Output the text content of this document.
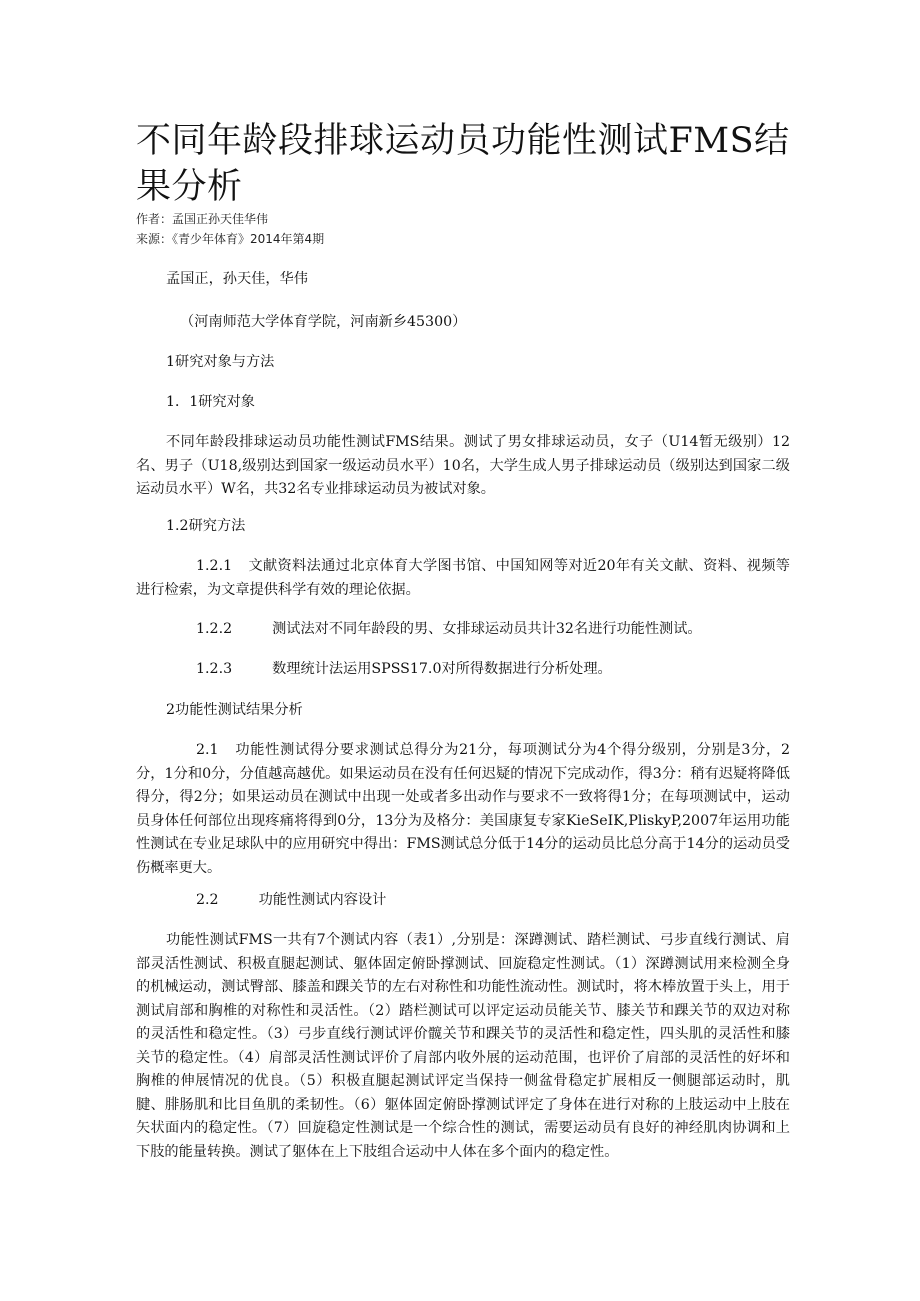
不同年龄段排球运动员功能性测试FMS结果分析
作者：孟国正孙天佳华伟
来源：《青少年体育》2014年第4期

孟国正，孙天佳，华伟

（河南师范大学体育学院，河南新乡45300）

1研究对象与方法

1．1研究对象

不同年龄段排球运动员功能性测试FMS结果。测试了男女排球运动员，女子（U14暂无级别）12名、男子（U18,级别达到国家一级运动员水平）10名，大学生成人男子排球运动员（级别达到国家二级运动员水平）W名，共32名专业排球运动员为被试对象。

1.2研究方法

1.2.1 文献资料法通过北京体育大学图书馆、中国知网等对近20年有关文献、资料、视频等进行检索，为文章提供科学有效的理论依据。

1.2.2	测试法对不同年龄段的男、女排球运动员共计32名进行功能性测试。

1.2.3	数理统计法运用SPSS17.0对所得数据进行分析处理。

2功能性测试结果分析

2.1 功能性测试得分要求测试总得分为21分，每项测试分为4个得分级别，分别是3分，2分，1分和0分，分值越高越优。如果运动员在没有任何迟疑的情况下完成动作，得3分：稍有迟疑将降低得分，得2分；如果运动员在测试中出现一处或者多出动作与要求不一致将得1分；在每项测试中，运动员身体任何部位出现疼痛将得到0分，13分为及格分：美国康复专家KieSeIK,PliskyP,2007年运用功能性测试在专业足球队中的应用研究中得出：FMS测试总分低于14分的运动员比总分高于14分的运动员受伤概率更大。

2.2	功能性测试内容设计

功能性测试FMS一共有7个测试内容（表1）,分别是：深蹲测试、踏栏测试、弓步直线行测试、肩部灵活性测试、积极直腿起测试、躯体固定俯卧撑测试、回旋稳定性测试。（1）深蹲测试用来检测全身的机械运动，测试臀部、膝盖和踝关节的左右对称性和功能性流动性。测试时，将木棒放置于头上，用于测试肩部和胸椎的对称性和灵活性。（2）踏栏测试可以评定运动员能关节、膝关节和踝关节的双边对称的灵活性和稳定性。（3）弓步直线行测试评价髋关节和踝关节的灵活性和稳定性，四头肌的灵活性和膝关节的稳定性。（4）肩部灵活性测试评价了肩部内收外展的运动范围，也评价了肩部的灵活性的好坏和胸椎的伸展情况的优良。（5）积极直腿起测试评定当保持一侧盆骨稳定扩展相反一侧腿部运动时，肌腱、腓肠肌和比目鱼肌的柔韧性。（6）躯体固定俯卧撑测试评定了身体在进行对称的上肢运动中上肢在矢状面内的稳定性。（7）回旋稳定性测试是一个综合性的测试，需要运动员有良好的神经肌肉协调和上下肢的能量转换。测试了躯体在上下肢组合运动中人体在多个面内的稳定性。
